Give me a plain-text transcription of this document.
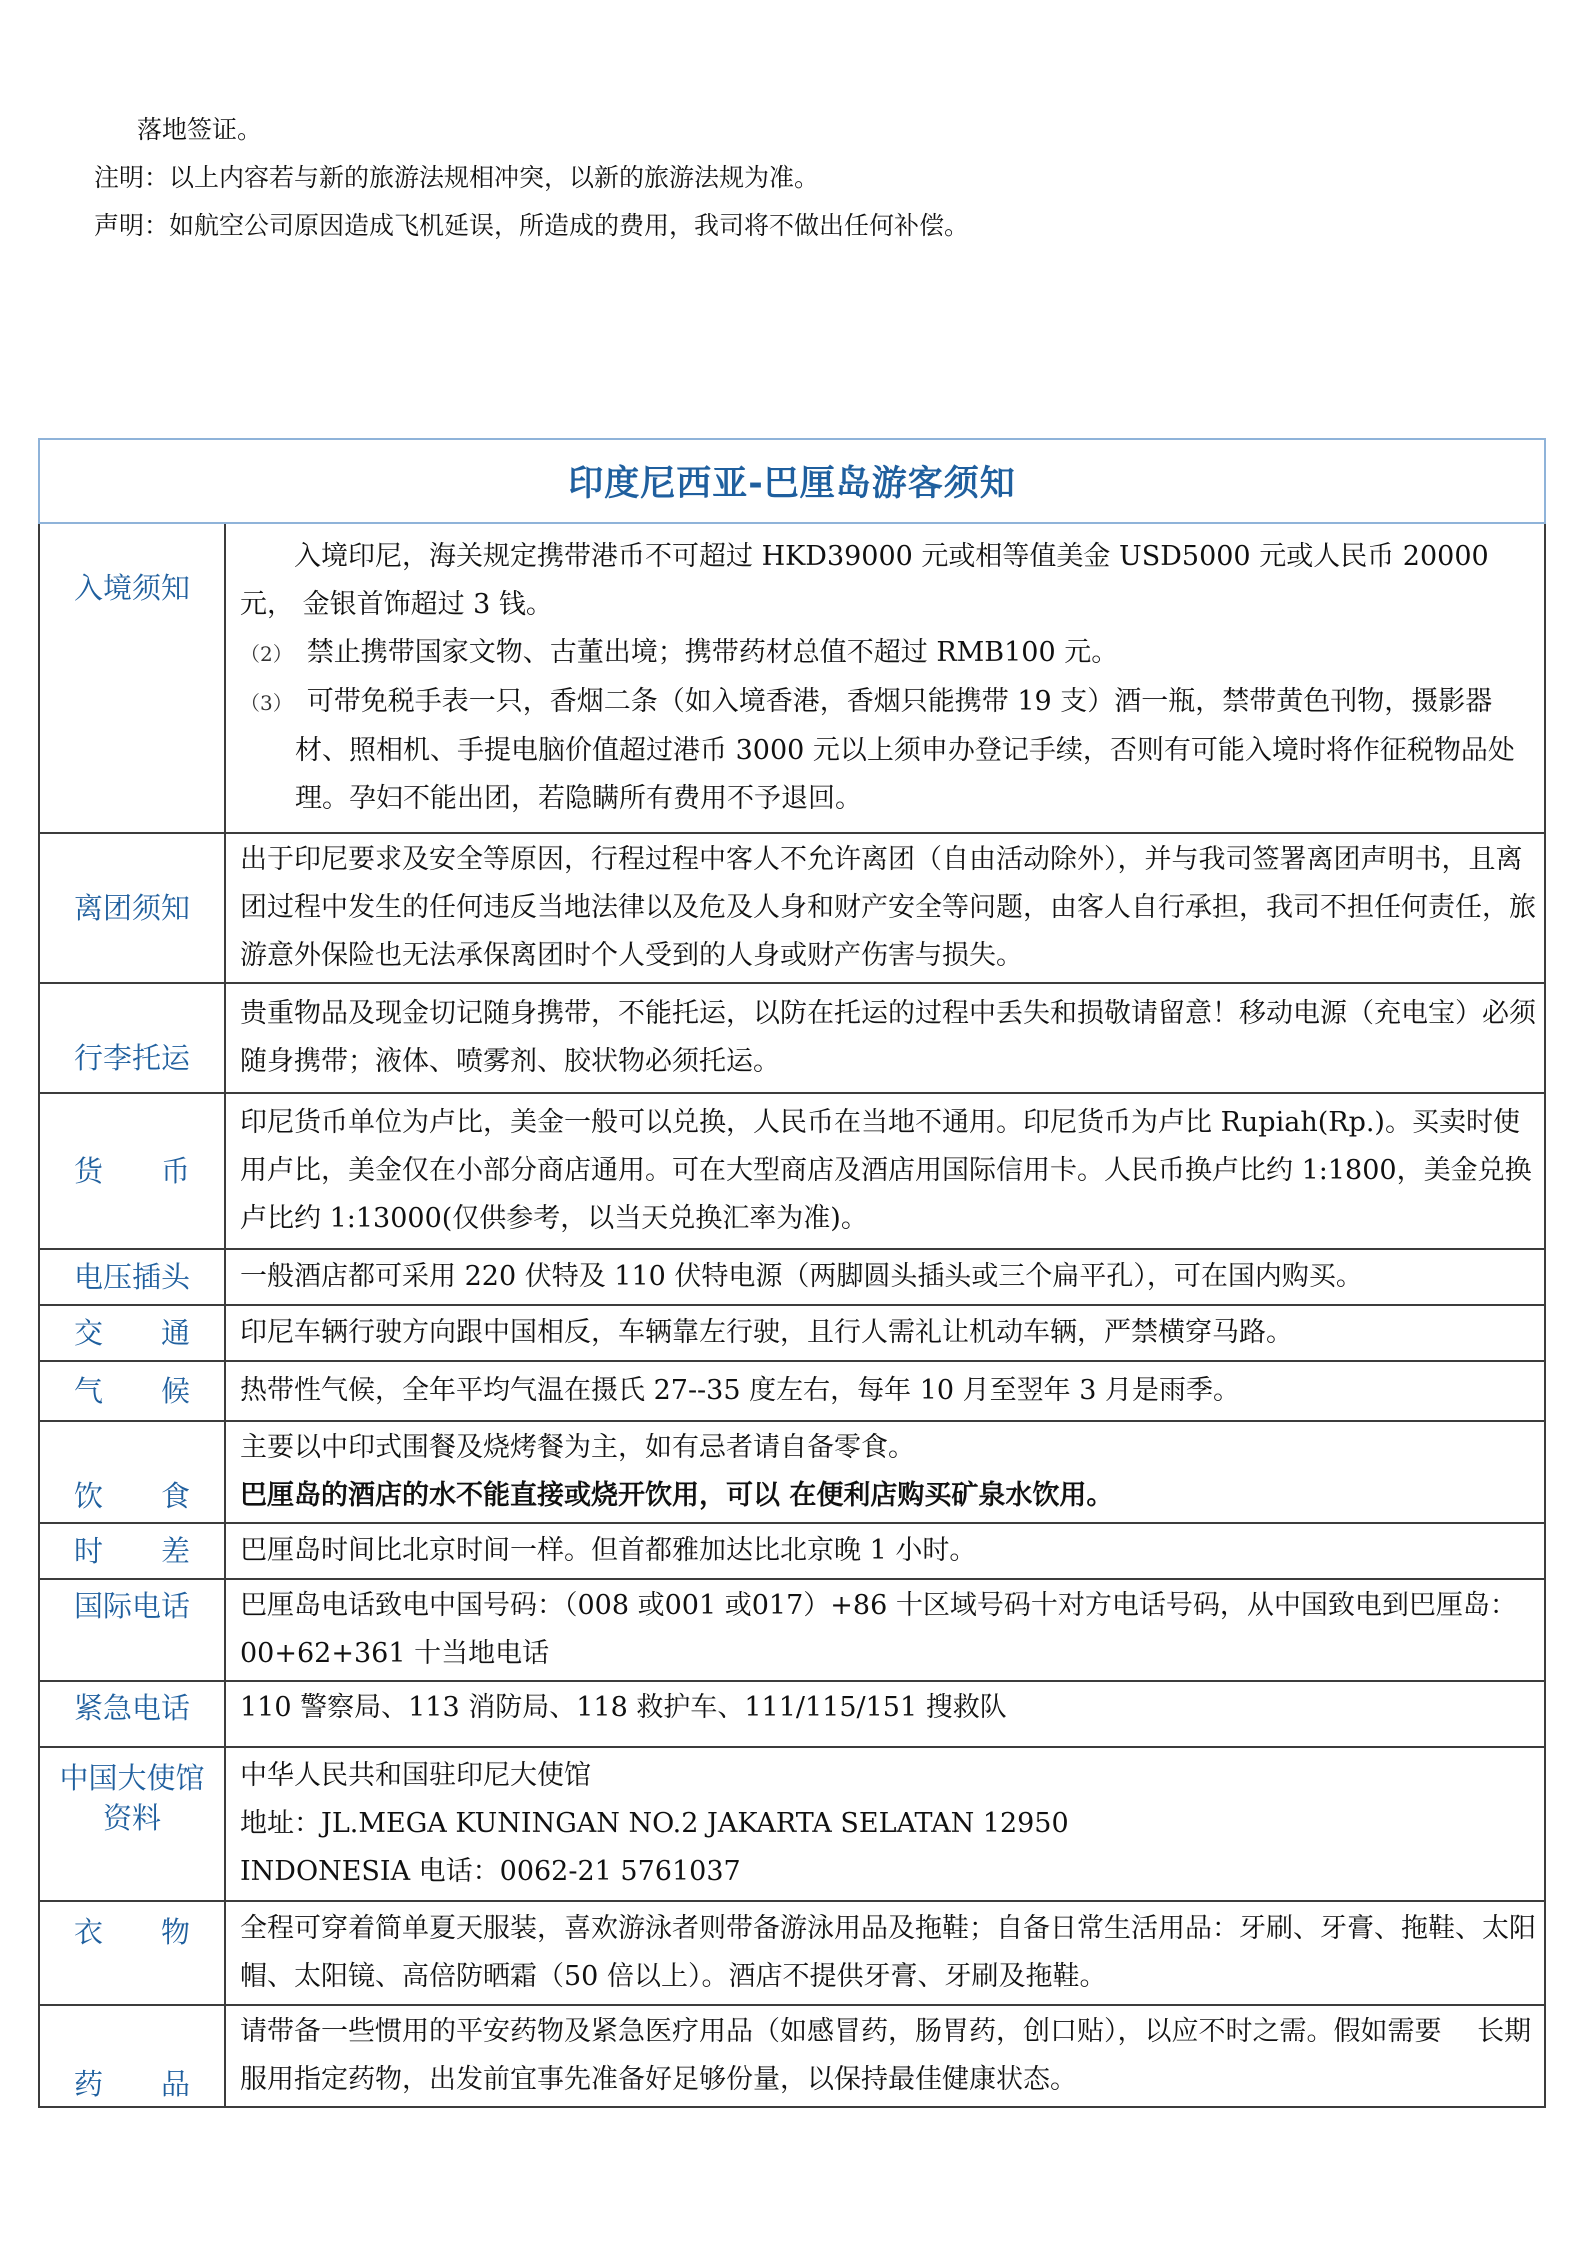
落地签证。
注明：以上内容若与新的旅游法规相冲突，以新的旅游法规为准。
声明：如航空公司原因造成飞机延误，所造成的费用，我司将不做出任何补偿。
印度尼西亚-巴厘岛游客须知	
入境须知	入境印尼，海关规定携带港币不可超过 HKD39000 元或相等值美金 USD5000 元或人民币 20000 元， 金银首饰超过 3 钱。

（2） 禁止携带国家文物、古董出境；携带药材总值不超过 RMB100 元。

（3） 可带免税手表一只，香烟二条（如入境香港，香烟只能携带 19 支）酒一瓶，禁带黄色刊物，摄影器材、照相机、手提电脑价值超过港币 3000 元以上须申办登记手续，否则有可能入境时将作征税物品处理。孕妇不能出团，若隐瞒所有费用不予退回。

离团须知	出于印尼要求及安全等原因，行程过程中客人不允许离团（自由活动除外），并与我司签署离团声明书，且离团过程中发生的任何违反当地法律以及危及人身和财产安全等问题，由客人自行承担，我司不担任何责任，旅游意外保险也无法承保离团时个人受到的人身或财产伤害与损失。
行李托运	贵重物品及现金切记随身携带，不能托运，以防在托运的过程中丢失和损敬请留意！移动电源（充电宝）必须随身携带；液体、喷雾剂、胶状物必须托运。
货　　币	印尼货币单位为卢比，美金一般可以兑换，人民币在当地不通用。印尼货币为卢比 Rupiah(Rp.)。买卖时使用卢比，美金仅在小部分商店通用。可在大型商店及酒店用国际信用卡。人民币换卢比约 1:1800，美金兑换卢比约 1:13000(仅供参考，以当天兑换汇率为准)。
电压插头	一般酒店都可采用 220 伏特及 110 伏特电源（两脚圆头插头或三个扁平孔），可在国内购买。
交　　通	印尼车辆行驶方向跟中国相反，车辆靠左行驶，且行人需礼让机动车辆，严禁横穿马路。
气　　候	热带性气候，全年平均气温在摄氏 27--35 度左右，每年 10 月至翌年 3 月是雨季。
饮　　食	主要以中印式围餐及烧烤餐为主，如有忌者请自备零食。

巴厘岛的酒店的水不能直接或烧开饮用，可以 在便利店购买矿泉水饮用。

时　　差	巴厘岛时间比北京时间一样。但首都雅加达比北京晚 1 小时。
国际电话	巴厘岛电话致电中国号码：（008 或001 或017）+86 十区域号码十对方电话号码，从中国致电到巴厘岛：00+62+361 十当地电话
紧急电话	110 警察局、113 消防局、118 救护车、111/115/151 搜救队
中国大使馆资料	中华人民共和国驻印尼大使馆

地址：JL.MEGA KUNINGAN NO.2 JAKARTA SELATAN 12950

INDONESIA 电话：0062-21 5761037

衣　　物	全程可穿着简单夏天服装，喜欢游泳者则带备游泳用品及拖鞋；自备日常生活用品：牙刷、牙膏、拖鞋、太阳帽、太阳镜、高倍防晒霜（50 倍以上）。酒店不提供牙膏、牙刷及拖鞋。
药　　品	请带备一些惯用的平安药物及紧急医疗用品（如感冒药，肠胃药，创口贴），以应不时之需。假如需要　 长期服用指定药物，出发前宜事先准备好足够份量，以保持最佳健康状态。
